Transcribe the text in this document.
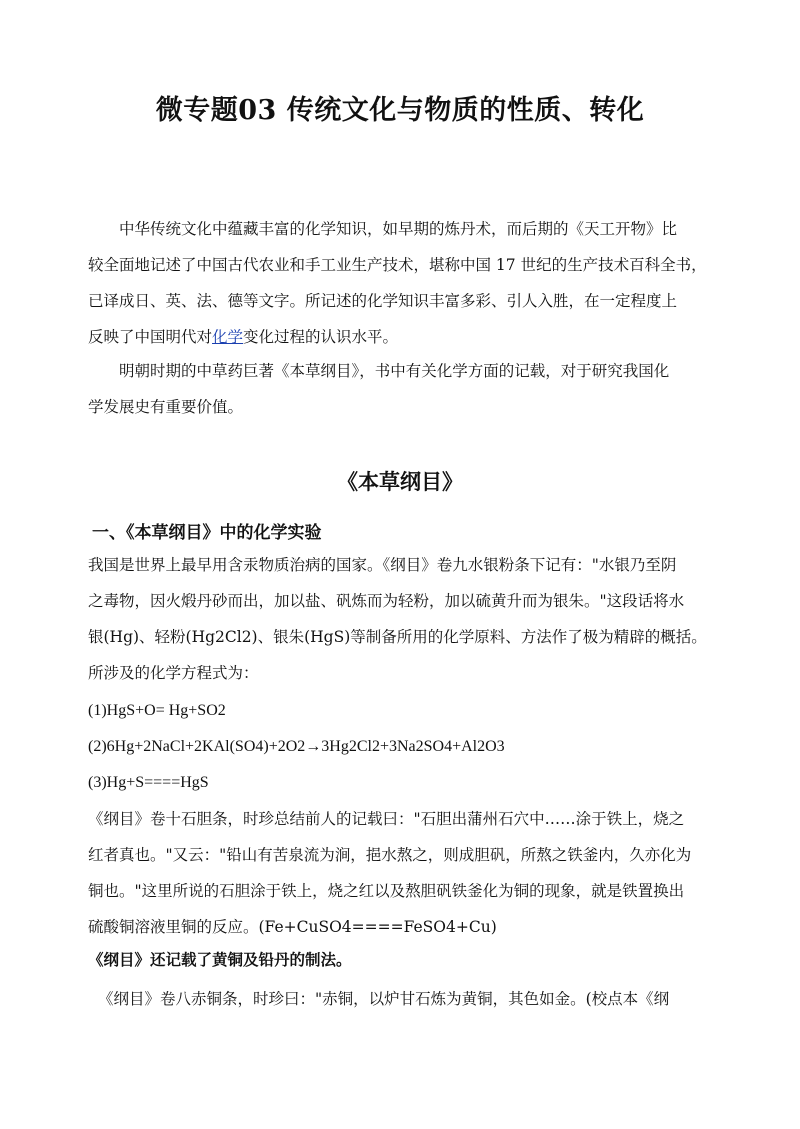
微专题03 传统文化与物质的性质、转化
中华传统文化中蕴藏丰富的化学知识，如早期的炼丹术，而后期的《天工开物》比
较全面地记述了中国古代农业和手工业生产技术，堪称中国 17 世纪的生产技术百科全书，
已译成日、英、法、德等文字。所记述的化学知识丰富多彩、引人入胜，在一定程度上
反映了中国明代对化学变化过程的认识水平。
明朝时期的中草药巨著《本草纲目》，书中有关化学方面的记载，对于研究我国化
学发展史有重要价值。
《本草纲目》
一、《本草纲目》中的化学实验
我国是世界上最早用含汞物质治病的国家。《纲目》卷九水银粉条下记有："水银乃至阴
之毒物，因火煅丹砂而出，加以盐、矾炼而为轻粉，加以硫黄升而为银朱。"这段话将水
银(Hg)、轻粉(Hg2Cl2)、银朱(HgS)等制备所用的化学原料、方法作了极为精辟的概括。
所涉及的化学方程式为：
(1)HgS+O= Hg+SO2
(2)6Hg+2NaCl+2KAl(SO4)+2O2→3Hg2Cl2+3Na2SO4+Al2O3
(3)Hg+S====HgS
《纲目》卷十石胆条，时珍总结前人的记载曰："石胆出蒲州石穴中……涂于铁上，烧之
红者真也。"又云："铅山有苦泉流为涧，挹水熬之，则成胆矾，所熬之铁釜内，久亦化为
铜也。"这里所说的石胆涂于铁上，烧之红以及熬胆矾铁釜化为铜的现象，就是铁置换出
硫酸铜溶液里铜的反应。(Fe+CuSO4====FeSO4+Cu)
《纲目》还记载了黄铜及铅丹的制法。
《纲目》卷八赤铜条，时珍曰："赤铜，以炉甘石炼为黄铜，其色如金。(校点本《纲
